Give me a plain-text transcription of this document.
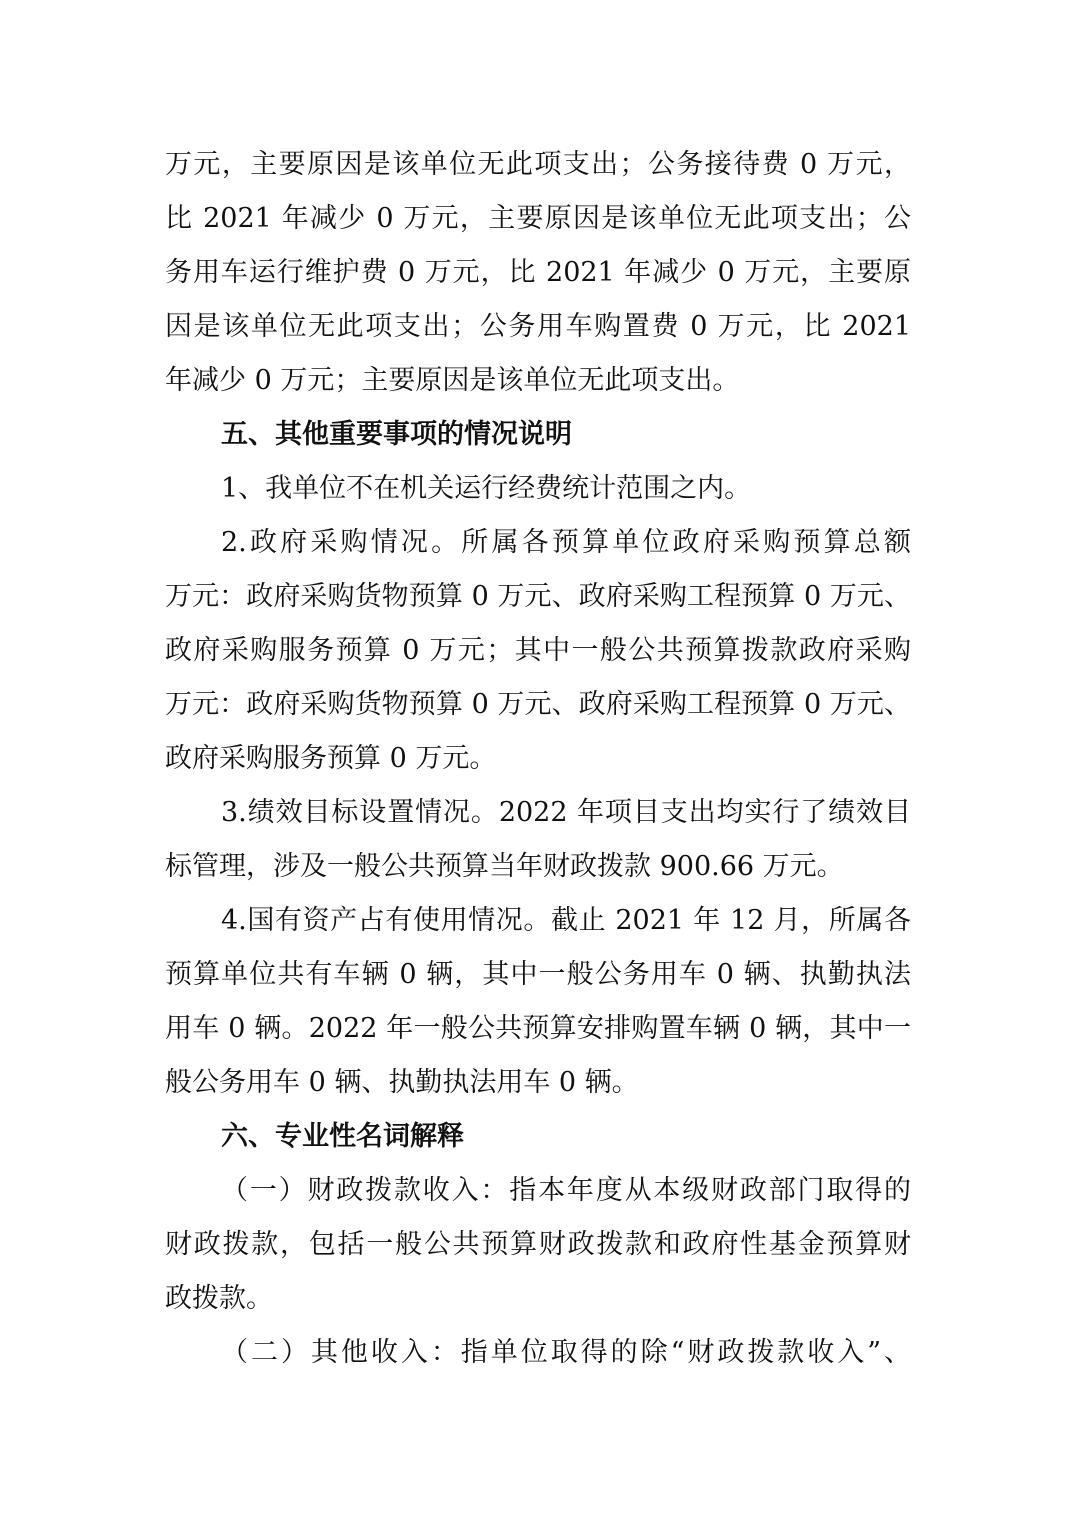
万元，主要原因是该单位无此项支出；公务接待费 0 万元，
比 2021 年减少 0 万元，主要原因是该单位无此项支出；公
务用车运行维护费 0 万元，比 2021 年减少 0 万元，主要原
因是该单位无此项支出；公务用车购置费 0 万元，比 2021
年减少 0 万元；主要原因是该单位无此项支出。
五、其他重要事项的情况说明
1、我单位不在机关运行经费统计范围之内。
2.政府采购情况。所属各预算单位政府采购预算总额
万元：政府采购货物预算 0 万元、政府采购工程预算 0 万元、
政府采购服务预算 0 万元；其中一般公共预算拨款政府采购
万元：政府采购货物预算 0 万元、政府采购工程预算 0 万元、
政府采购服务预算 0 万元。
3.绩效目标设置情况。2022 年项目支出均实行了绩效目
标管理，涉及一般公共预算当年财政拨款 900.66 万元。
4.国有资产占有使用情况。截止 2021 年 12 月，所属各
预算单位共有车辆 0 辆，其中一般公务用车 0 辆、执勤执法
用车 0 辆。2022 年一般公共预算安排购置车辆 0 辆，其中一
般公务用车 0 辆、执勤执法用车 0 辆。
六、专业性名词解释
（一）财政拨款收入：指本年度从本级财政部门取得的
财政拨款，包括一般公共预算财政拨款和政府性基金预算财
政拨款。
（二）其他收入：指单位取得的除“财政拨款收入”、
